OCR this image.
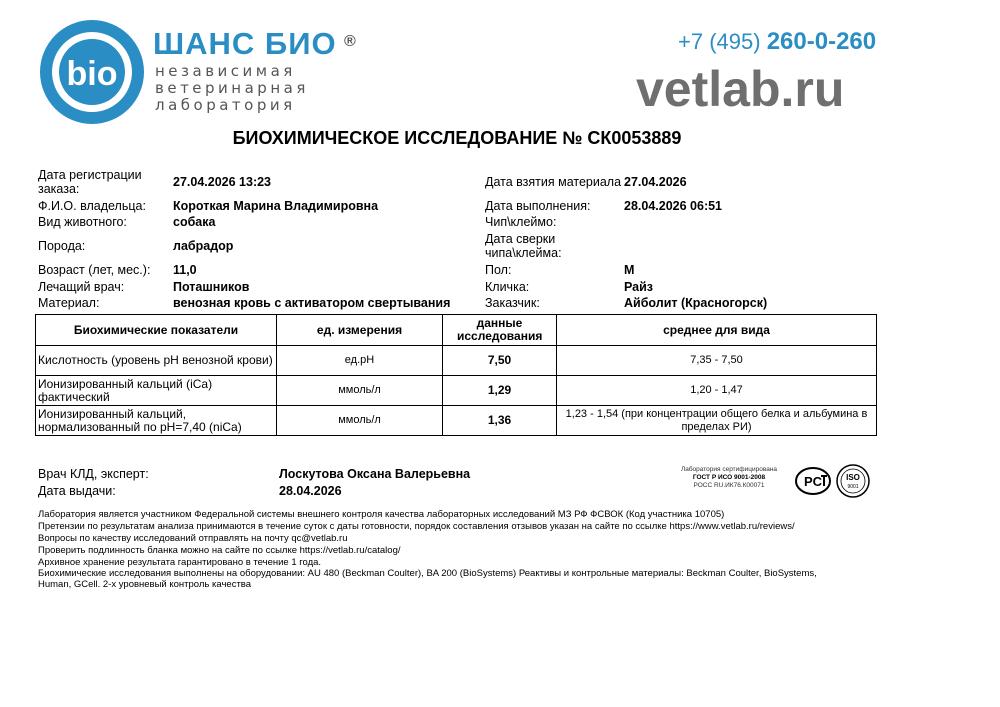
bio
ШАНС БИО ®
независимая
ветеринарная
лаборатория
+7 (495) 260-0-260
vetlab.ru
БИОХИМИЧЕСКОЕ ИССЛЕДОВАНИЕ № СК0053889
Дата регистрации заказа:	27.04.2026 13:23
Ф.И.О. владельца: Короткая Марина Владимировна
Вид животного:	собака
Порода:	лабрадор
Возраст (лет, мес.): 11,0
Лечащий врач:	Поташников
Материал:	венозная кровь с активатором свертывания
Дата взятия материала 27.04.2026
Дата выполнения:	28.04.2026 06:51
Чип\клеймо:
Дата сверки чипа\клейма:
Пол:	М
Кличка:	Райз
Заказчик:	Айболит (Красногорск)
Биохимические показатели	ед. измерения	данные исследования	среднее для вида
Кислотность (уровень pH венозной крови)	ед.pH	7,50	7,35 - 7,50
Ионизированный кальций (iCa) фактический	ммоль/л	1,29	1,20 - 1,47
Ионизированный кальций, нормализованный по pH=7,40 (niCa)	ммоль/л	1,36	1,23 - 1,54 (при концентрации общего белка и альбумина в пределах РИ)
Врач КЛД, эксперт:	Лоскутова Оксана Валерьевна
Дата выдачи:	28.04.2026
Лаборатория сертифицирована
ГОСТ Р ИСО 9001-2008
РОСС RU.ИК76.К00071	PC	ISO
9001
Лаборатория является участником Федеральной системы внешнего контроля качества лабораторных исследований МЗ РФ ФСВОК (Код участника 10705)
Претензии по результатам анализа принимаются в течение суток с даты готовности, порядок составления отзывов указан на сайте по ссылке https://www.vetlab.ru/reviews/
Вопросы по качеству исследований отправлять на почту qc@vetlab.ru
Проверить подлинность бланка можно на сайте по ссылке https://vetlab.ru/catalog/
Архивное хранение результата гарантировано в течение 1 года.
Биохимические исследования выполнены на оборудовании: AU 480 (Beckman Coulter), BA 200 (BioSystems) Реактивы и контрольные материалы: Beckman Coulter, BioSystems,
Human, GCell. 2-х уровневый контроль качества
